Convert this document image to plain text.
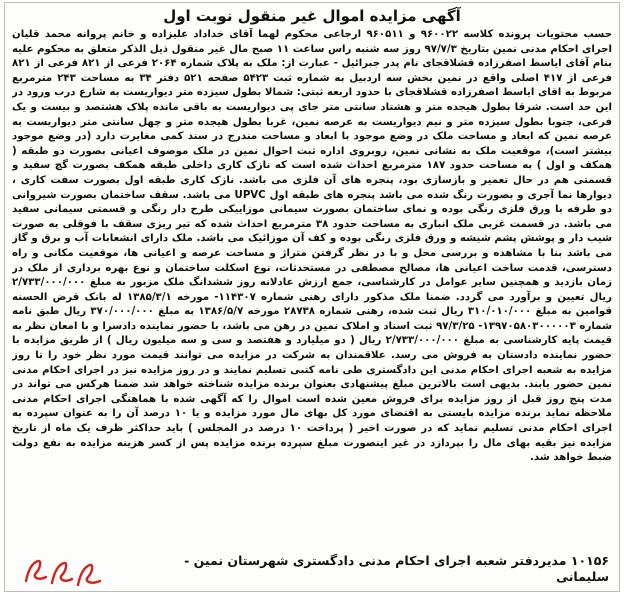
آگهی مزایده اموال غیر منقول نوبت اول
حسب محتویات پرونده کلاسه ۹۶۰۰۲۲ و ۹۶۰۵۱۱ ارجاعی محکوم لهما آقای خداداد علیزاده و خانم پروانه محمد قلیان اجرای احکام مدنی نمین بتاریخ ۹۷/۷/۳ روز سه شنبه راس ساعت ۱۱ صبح مال غیر منقول ذیل الذکر متعلق به محکوم علیه بنام آقای ایاسط اصفرزاده قشلاقجای نام پدر جبرائیل - عبارت از: ملک به پلاک شماره ۲۰۶۴ فرعی از ۸۲۱ فرعی از ۸۲۱ فرعی از ۴۱۷ اصلی واقع در نمین بخش سه اردبیل به شماره ثبت ۵۴۲۳ صفحه ۵۲۱ دفتر ۳۴ به مساحت ۲۴۳ مترمربع مربوط به اقای ایاسط اصفرزاده قشلاقجای با حدود اربعه ثبتی: شمالا بطول سیزده متر دیواریست به شارع درب ورود در این حد است. شرقا بطول هیجده متر و هشتاد سانتی متر جای پی دیواریست به باقی مانده پلاک هشتصد و بیست و یک فرعی، جنوبا بطول سیزده متر و نیم دیواریست به عرصه نمین، غربا بطول هیجده متر و چهل سانتی متر دیواریست به عرصه نمین که ابعاد و مساحت ملک در وضع موجود با ابعاد و مساحت مندرج در سند کمی مغایرت دارد (در وضع موجود بیشتر است)، موقعیت ملک به نشانی نمین، روبروی اداره ثبت احوال نمین در ملک موصوف اعیانی بصورت دو طبقه ( همکف و اول ) به مساحت حدود ۱۸۷ مترمربع احداث شده است که نازک کاری داخلی طبقه همکف بصورت گچ سفید و قسمتی هم در حال تعمیر و بازسازی بود، پنجره های آن فلزی می باشد. نازک کاری طبقه اول بصورت سفت کاری ، دیوارها نما آجری و بصورت رنگ شده می باشد پنجره های طبقه اول UPVC می باشد. سقف ساختمان بصورت شیروانی دو طرفه با ورق فلزی رنگی بوده و نمای ساختمان بصورت سیمانی موزاییکی طرح دار رنگی و قسمتی سیمانی سفید می باشد. در قسمت غربی ملک انباری به مساحت حدود ۳۸ مترمربع احداث شده که تیر ریزی سقف با فوقلی به صورت شیب دار و پوشش پشم شیشه و ورق فلزی رنگی بوده و کف آن موزائیک می باشد. ملک دارای انشعابات آب و برق و گاز می باشد بنا با مشاهده و بررسی محل و با در نظر گرفتن متراژ و مساحت عرصه و اعیانی ها، موقعیت مکانی و راه دسترسی، قدمت ساخت اعیانی ها، مصالح مصطفی در مستحدثات، نوع اسکلت ساختمان و نوع بهره برداری از ملک در زمان بازدید و همچنین سایر عوامل در کارشناسی، جمع ارزش عادلانه روز ششدانگ ملک مزبور به مبلغ ۲/۷۳۳/۰۰۰/۰۰۰ ریال تعیین و برآورد می گردد. ضمنا ملک مذکور دارای رهنی شماره ۱۱۴۳۰۷- مورخه ۱۳۸۵/۳/۱ له بانک قرض الحسنه قوامین به مبلغ ۳۱۰/۰۱۰/۰۰۰ ریال ثبت شده، رهنی شماره ۲۸۷۳۸ مورخه ۱۳۸۶/۵/۷ به مبلغ ۳۷۰/۰۰۰/۰۰۰ ریال طبق نامه شماره ۱۳۹۷۰۵۸۰۳۰۰۰۰۰۳- ۹۷/۳/۲۵ ثبت اسناد و املاک نمین در رهن می باشد، با حضور نماینده دادسرا و با امعان نظر به قیمت پایه کارشناسی به مبلغ ۲/۷۳۳/۰۰۰/۰۰۰ ریال ( دو میلیارد و هفتصد و سی و سه میلیون ریال ) از طریق مزایده با حضور نماینده دادستان به فروش می رسد. علاقمندان به شرکت در مزایده می توانند قیمت مورد نظر خود را تا روز مزایده به شعبه اجرای احکام مدنی این دادگستری طی نامه کتبی تسلیم نمایند و در روز مزایده نیز در اجرای احکام مدنی نمین حضور یابند. بدیهی است بالاترین مبلغ پیشنهادی بعنوان برنده مزایده شناخته خواهد شد ضمنا هرکس می تواند در مدت پنج روز قبل از روز مزایده برای فروش معین شده است اموال را که آگهی شده با هماهنگی اجرای احکام مدنی ملاحظه نماید برنده مزایده بایستی به اقتضای مورد کل بهای مال مورد مزایده و یا ۱۰ درصد آن را به عنوان سپرده به اجرای احکام مدنی تسلیم نماید که در صورت اخیر ( پرداخت ۱۰ درصد در المجلس ) باید حداکثر ظرف یک ماه از تاریخ مزایده نیز بقیه بهای مال را بپردازد در غیر اینصورت مبلغ سپرده برنده مزایده پس از کسر هزینه مزایده به نفع دولت ضبط خواهد شد.
۱۰۱۵۶ مدیردفتر شعبه اجرای احکام مدنی دادگستری شهرستان نمین - سلیمانی
